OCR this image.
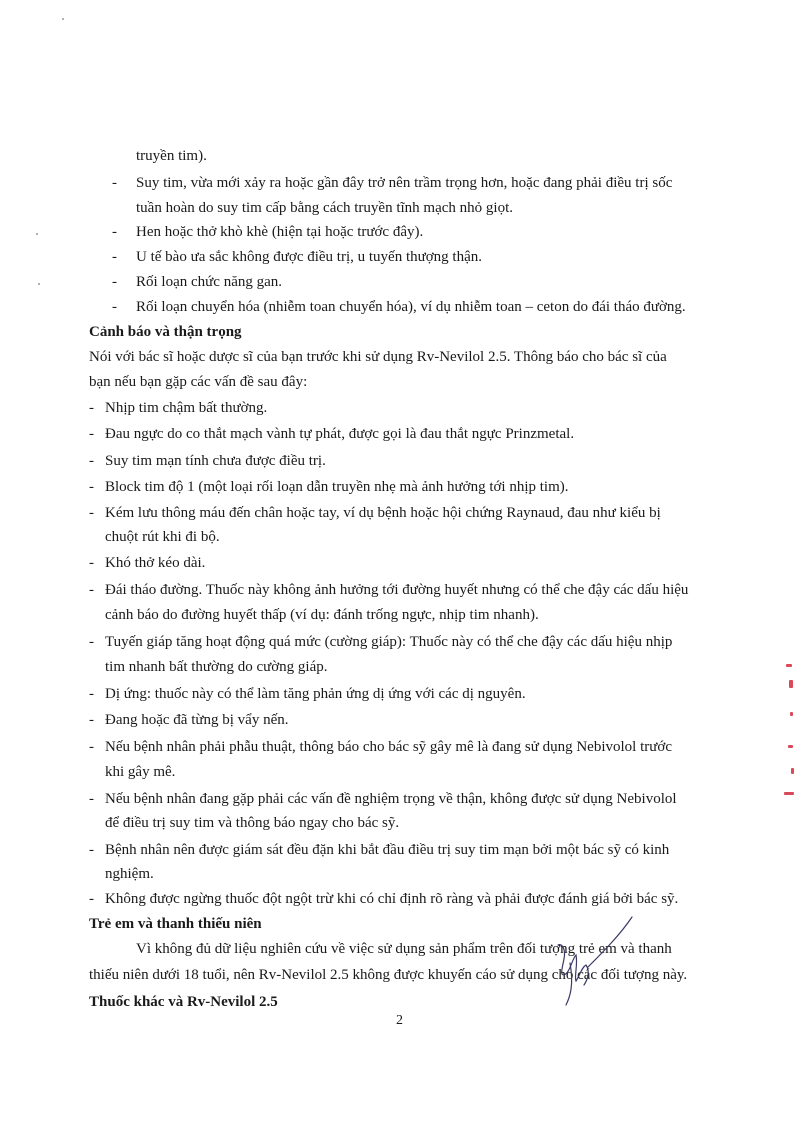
truyền tim).
- Suy tim, vừa mới xảy ra hoặc gần đây trở nên trầm trọng hơn, hoặc đang phải điều trị sốc
tuần hoàn do suy tim cấp bằng cách truyền tĩnh mạch nhỏ giọt.
- Hen hoặc thở khò khè (hiện tại hoặc trước đây).
- U tế bào ưa sắc không được điều trị, u tuyến thượng thận.
- Rối loạn chức năng gan.
- Rối loạn chuyển hóa (nhiễm toan chuyển hóa), ví dụ nhiễm toan – ceton do đái tháo đường.
Cảnh báo và thận trọng
Nói với bác sĩ hoặc dược sĩ của bạn trước khi sử dụng Rv-Nevilol 2.5. Thông báo cho bác sĩ của
bạn nếu bạn gặp các vấn đề sau đây:
- Nhịp tim chậm bất thường.
- Đau ngực do co thắt mạch vành tự phát, được gọi là đau thắt ngực Prinzmetal.
- Suy tim mạn tính chưa được điều trị.
- Block tim độ 1 (một loại rối loạn dẫn truyền nhẹ mà ảnh hưởng tới nhịp tim).
- Kém lưu thông máu đến chân hoặc tay, ví dụ bệnh hoặc hội chứng Raynaud, đau như kiểu bị
chuột rút khi đi bộ.
- Khó thở kéo dài.
- Đái tháo đường. Thuốc này không ảnh hưởng tới đường huyết nhưng có thể che đậy các dấu hiệu
cảnh báo do đường huyết thấp (ví dụ: đánh trống ngực, nhịp tim nhanh).
- Tuyến giáp tăng hoạt động quá mức (cường giáp): Thuốc này có thể che đậy các dấu hiệu nhịp
tim nhanh bất thường do cường giáp.
- Dị ứng: thuốc này có thể làm tăng phản ứng dị ứng với các dị nguyên.
- Đang hoặc đã từng bị vẩy nến.
- Nếu bệnh nhân phải phẫu thuật, thông báo cho bác sỹ gây mê là đang sử dụng Nebivolol trước
khi gây mê.
- Nếu bệnh nhân đang gặp phải các vấn đề nghiệm trọng về thận, không được sử dụng Nebivolol
để điều trị suy tim và thông báo ngay cho bác sỹ.
- Bệnh nhân nên được giám sát đều đặn khi bắt đầu điều trị suy tim mạn bởi một bác sỹ có kinh
nghiệm.
- Không được ngừng thuốc đột ngột trừ khi có chỉ định rõ ràng và phải được đánh giá bởi bác sỹ.
Trẻ em và thanh thiếu niên
Vì không đủ dữ liệu nghiên cứu về việc sử dụng sản phẩm trên đối tượng trẻ em và thanh
thiếu niên dưới 18 tuổi, nên Rv-Nevilol 2.5 không được khuyến cáo sử dụng cho các đối tượng này.
Thuốc khác và Rv-Nevilol 2.5
2
